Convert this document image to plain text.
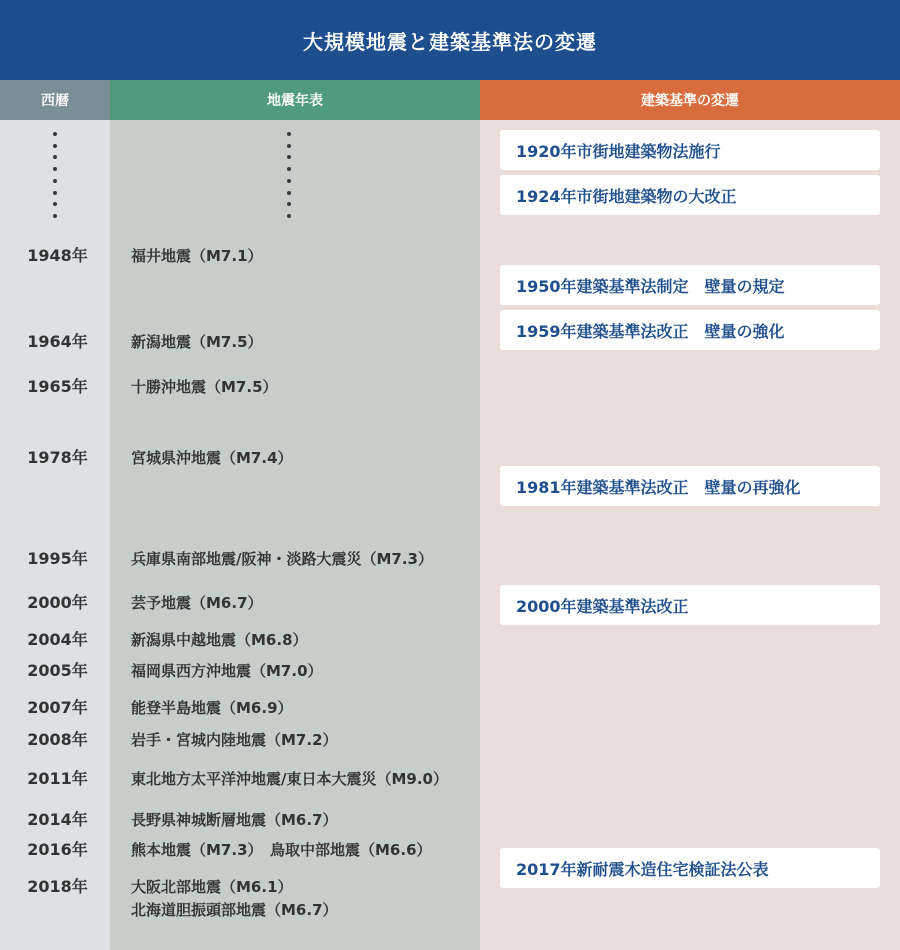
大規模地震と建築基準法の変遷
西暦	地震年表	建築基準の変遷
1948年
1964年
1965年
1978年
1995年
2000年
2004年
2005年
2007年
2008年
2011年
2014年
2016年
2018年
福井地震（M7.1）
新潟地震（M7.5）
十勝沖地震（M7.5）
宮城県沖地震（M7.4）
兵庫県南部地震/阪神・淡路大震災（M7.3）
芸予地震（M6.7）
新潟県中越地震（M6.8）
福岡県西方沖地震（M7.0）
能登半島地震（M6.9）
岩手・宮城内陸地震（M7.2）
東北地方太平洋沖地震/東日本大震災（M9.0）
長野県神城断層地震（M6.7）
熊本地震（M7.3）　鳥取中部地震（M6.6）
大阪北部地震（M6.1）
北海道胆振頭部地震（M6.7）
1920年市街地建築物法施行
1924年市街地建築物の大改正
1950年建築基準法制定　壁量の規定
1959年建築基準法改正　壁量の強化
1981年建築基準法改正　壁量の再強化
2000年建築基準法改正
2017年新耐震木造住宅検証法公表
